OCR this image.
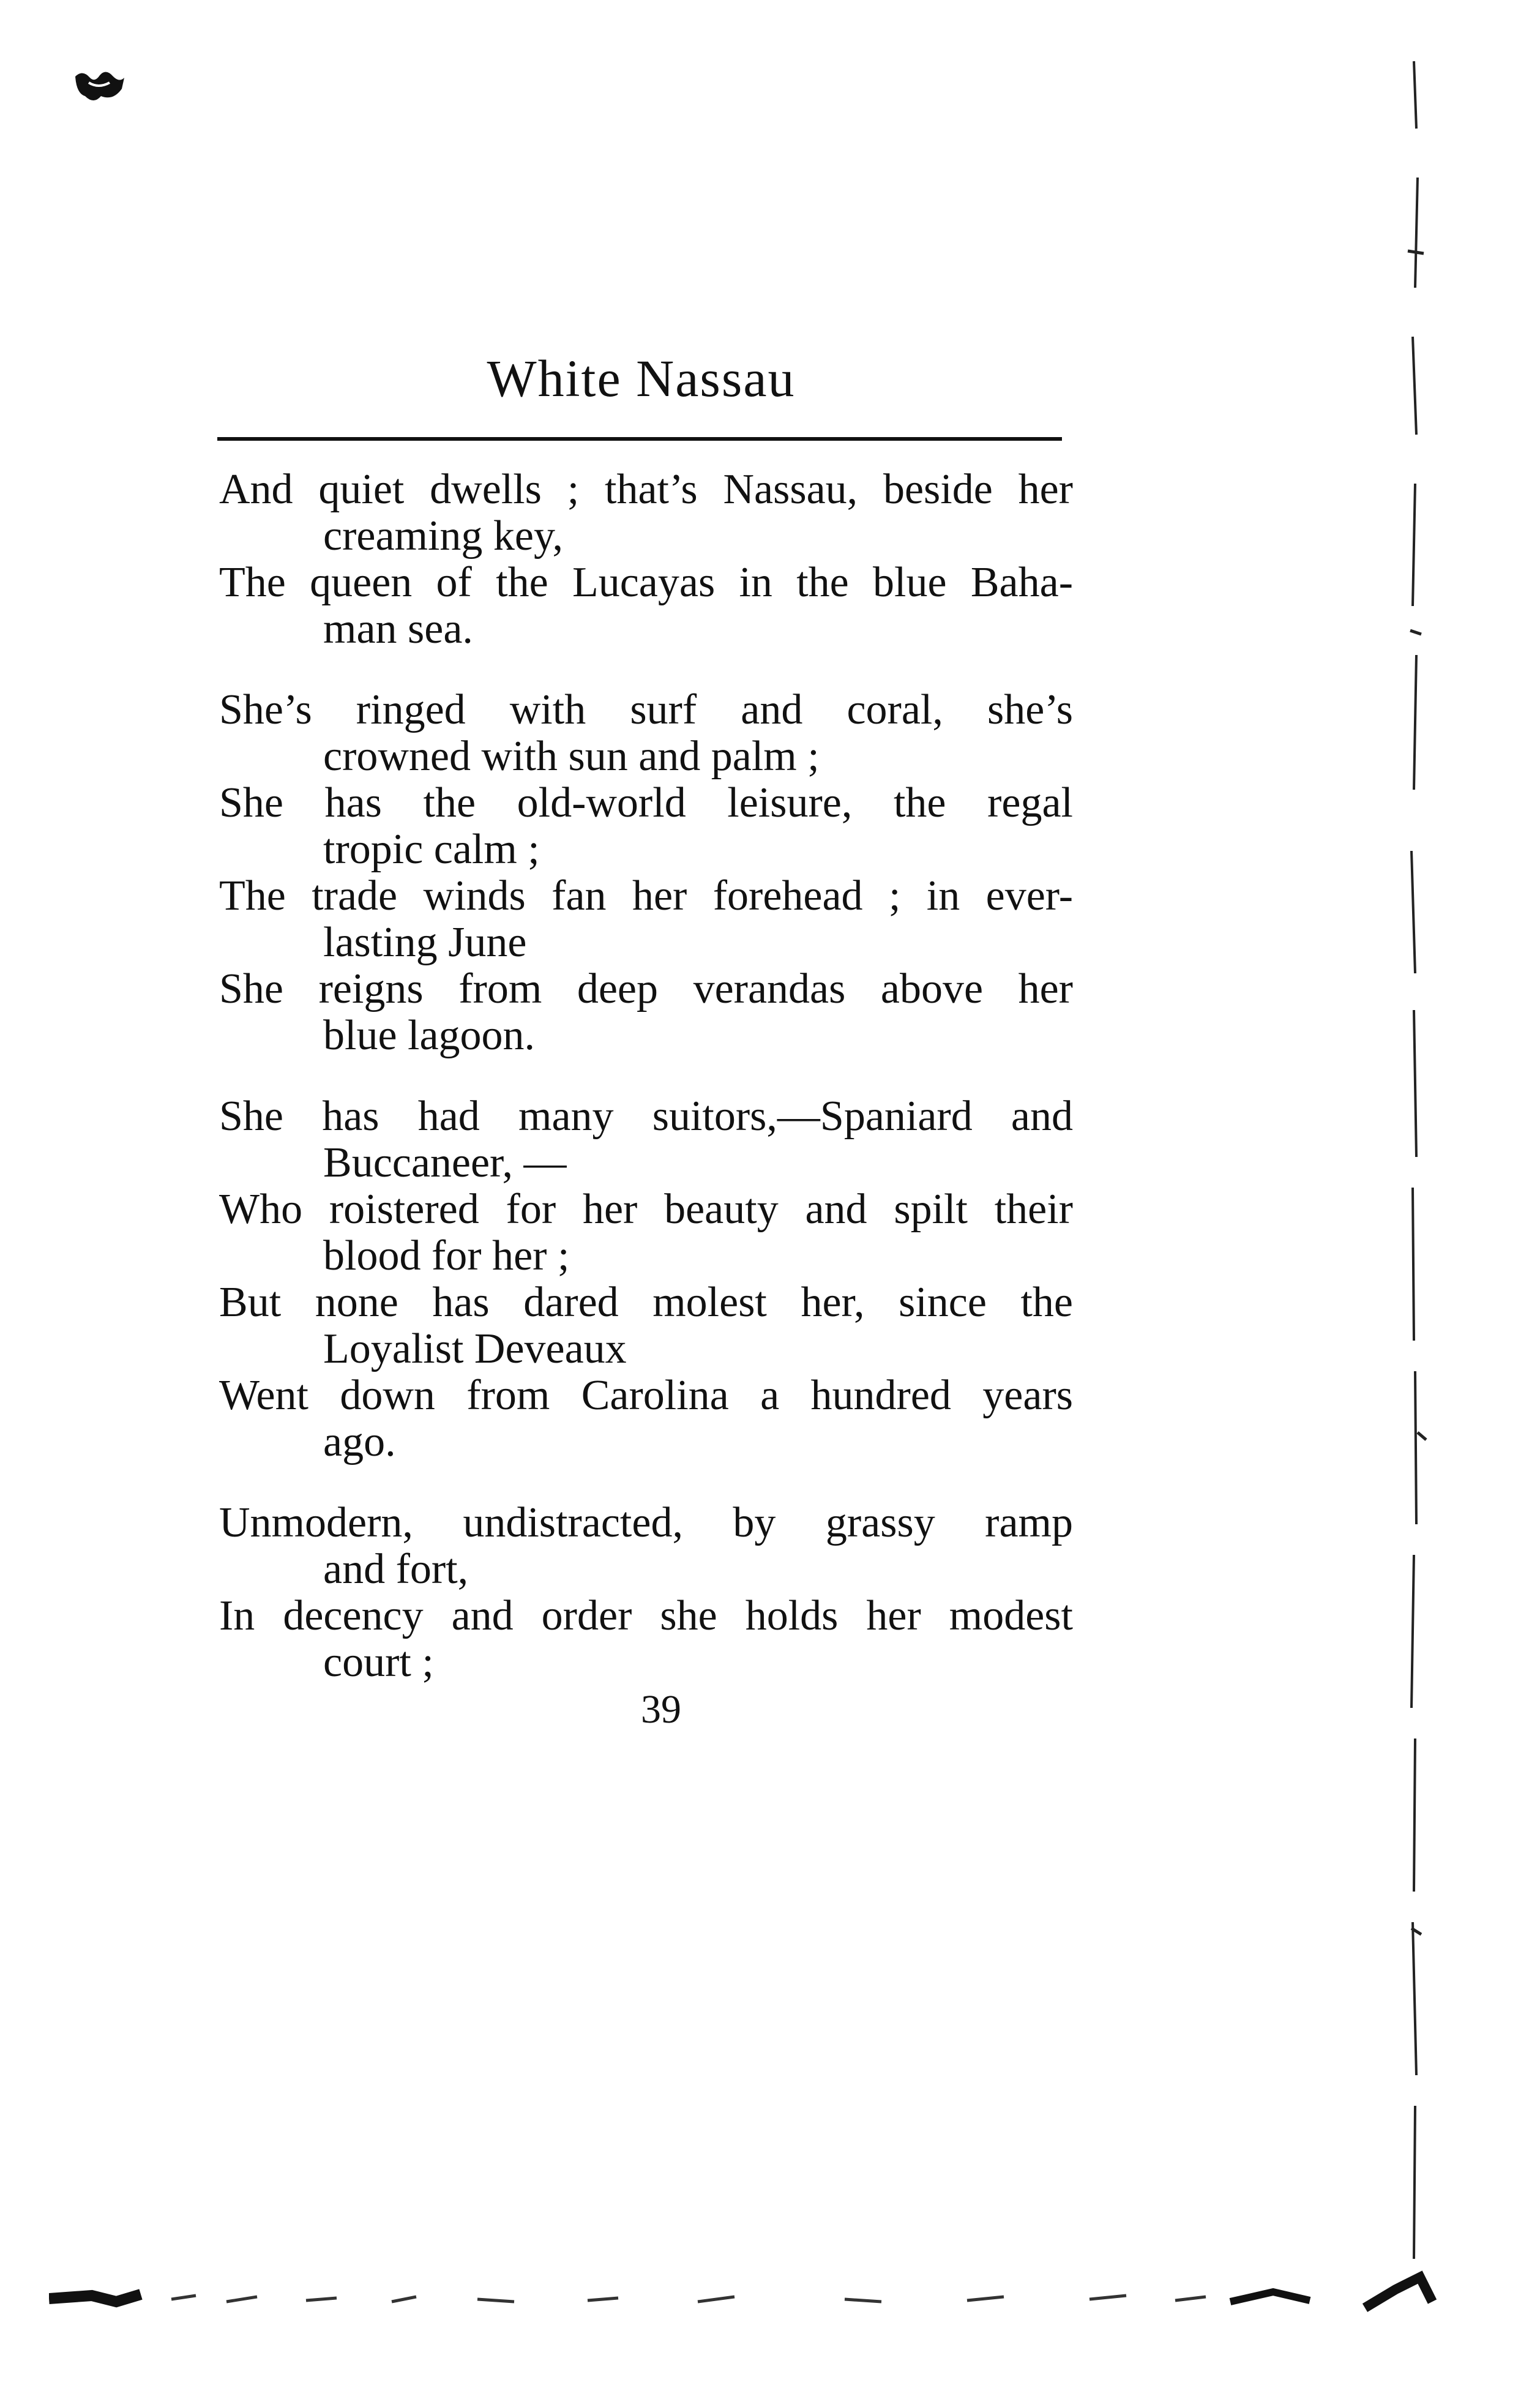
White Nassau
And quiet dwells ; that’s Nassau, beside her
creaming key,
The queen of the Lucayas in the blue Baha-
man sea.
She’s ringed with surf and coral, she’s
crowned with sun and palm ;
She has the old-world leisure, the regal
tropic calm ;
The trade winds fan her forehead ; in ever-
lasting June
She reigns from deep verandas above her
blue lagoon.
She has had many suitors,—Spaniard and
Buccaneer, —
Who roistered for her beauty and spilt their
blood for her ;
But none has dared molest her, since the
Loyalist Deveaux
Went down from Carolina a hundred years
ago.
Unmodern, undistracted, by grassy ramp
and fort,
In decency and order she holds her modest
court ;
39
